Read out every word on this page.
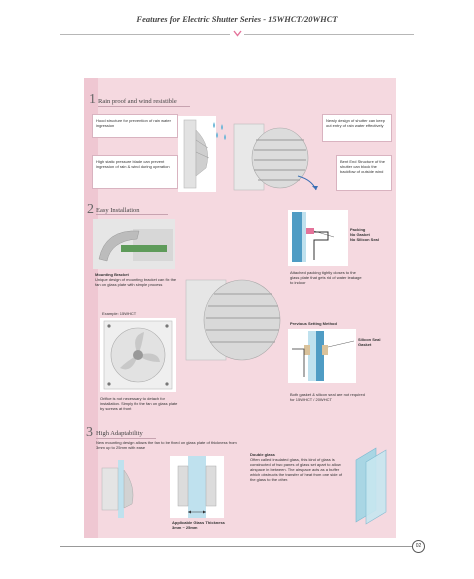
Features for Electric Shutter Series - 15WHCT/20WHCT
1 Rain proof and wind resistible
Hood structure for prevention of rain water ingression
High static pressure blade can prevent ingression of rain & wind during operation
Newly design of shutter can keep out entry of rain water effectively
Bent End Structure of the shutter can block the backflow of outside wind
2 Easy Installation
Mounting Bracket
Unique design of mounting bracket can fix the fan on glass plate with simple process
Packing
No Gasket
No Silicon Seal
Attached packing tightly closes to the glass plate that gets rid of water leakage to indoor
Example: 15WHCT
Orifice is not necessary to detach for installation. Simply fix the fan on glass plate by screws at front
Previous Setting Method
Silicon Seal
Gasket
Both gasket & silicon seal are not required for 15WHCT / 20WHCT
3 High Adaptability
New mounting design allows the fan to be fixed on glass plate of thickness from 3mm up to 25mm with ease
Applicable Glass Thickness
3mm ~ 25mm
Double glass
Often called insulated glass, this kind of glass is constructed of two panes of glass set apart to allow airspace in between. The airspace acts as a buffer which obstructs the transfer of heat from one side of the glass to the other.
02
